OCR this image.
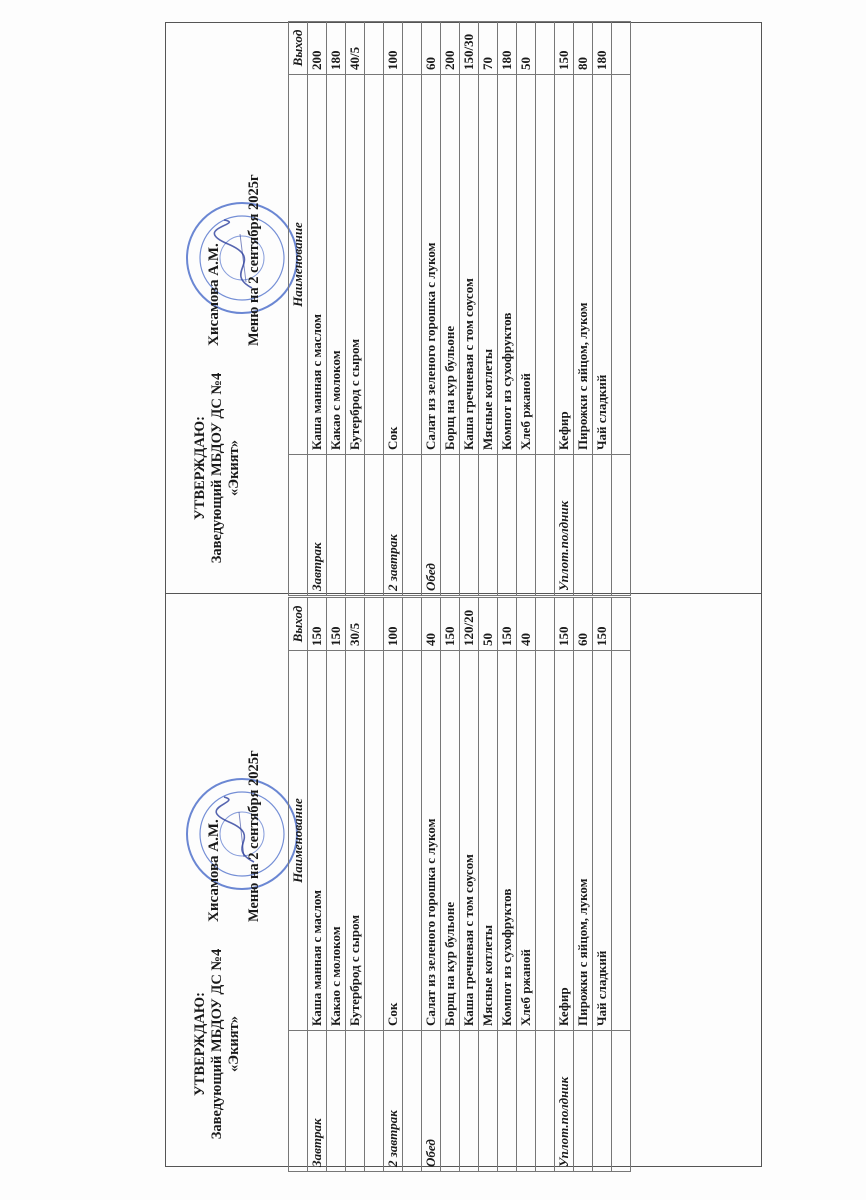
УТВЕРЖДАЮ: Заведующий МБДОУ ДС №4 «Экият»
Хисамова А.М. Меню на 2 сентября 2025г
	Наименование	Выход
Завтрак	Каша манная с маслом	150
	Какао с молоком	150
	Бутерброд с сыром	30/5

2 завтрак	Сок	100

Обед	Салат из зеленого горошка с луком	40
	Борщ на кур бульоне	150
	Каша гречневая с том соусом	120/20
	Мясные котлеты	50
	Компот из сухофруктов	150
	Хлеб ржаной	40

Уплот.полдник	Кефир	150
	Пирожки с яйцом, луком	60
	Чай сладкий	150

УТВЕРЖДАЮ: Заведующий МБДОУ ДС №4 «Экият»
Хисамова А.М. Меню на 2 сентября 2025г
	Наименование	Выход
Завтрак	Каша манная с маслом	200
	Какао с молоком	180
	Бутерброд с сыром	40/5

2 завтрак	Сок	100

Обед	Салат из зеленого горошка с луком	60
	Борщ на кур бульоне	200
	Каша гречневая с том соусом	150/30
	Мясные котлеты	70
	Компот из сухофруктов	180
	Хлеб ржаной	50

Уплот.полдник	Кефир	150
	Пирожки с яйцом, луком	80
	Чай сладкий	180
